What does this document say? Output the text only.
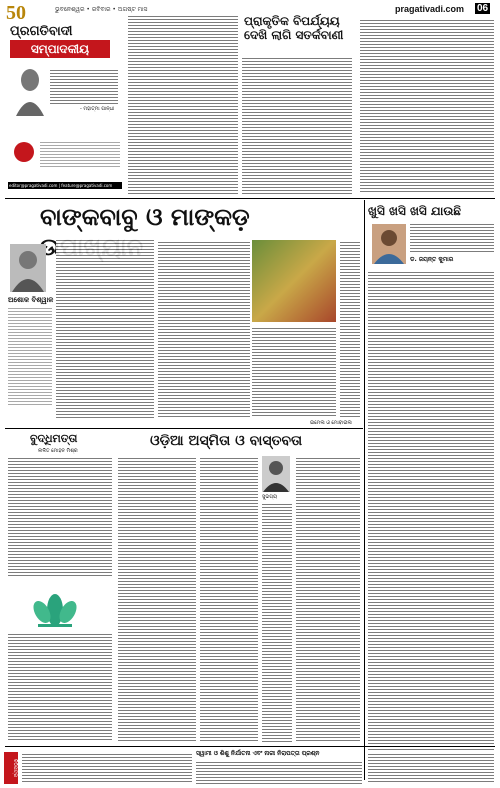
50	ଭୁବନେଶ୍ୱର • ରବିବାର • ଅଗଷ୍ଟ ମାସ	pragativadi.com 06
ପ୍ରଗତିବାଦୀ
ସମ୍ପାଦକୀୟ
- ମହାତ୍ମା ଗାନ୍ଧୀ
editor@pragativadi.com | feature@pragativadi.com
ପ୍ରାକୃତିକ ବିପର୍ଯ୍ୟୟ ଦେଖି ଲାଗି ସତର୍କବାଣୀ
ବାଙ୍କବାବୁ ଓ ମାଙ୍କଡ଼
ଅଶୋକ ବିଶ୍ୱାଳ
ଇମେଲ ଓ ମୋବାଇଲ
ଖୁସି ଖସି ଖସି ଯାଉଛି
ଡ. ଜୟନ୍ତ କୁମାର
ବୁଦ୍ଧିମତ୍ତା
ଲଳିତ ମୋହନ ମିଶ୍ର
ଓଡ଼ିଆ ଅସ୍ମିତା ଓ ବାସ୍ତବତା
ସୁଭଗ୍ୟ
ଚିଠିପତ୍ର
ସ୍ୱାମୀ ଓ ଶିଶୁ ନିର୍ଯାତନା ଏବଂ ନାରୀ ନିରାପତ୍ତା ପ୍ରଶ୍ନ
